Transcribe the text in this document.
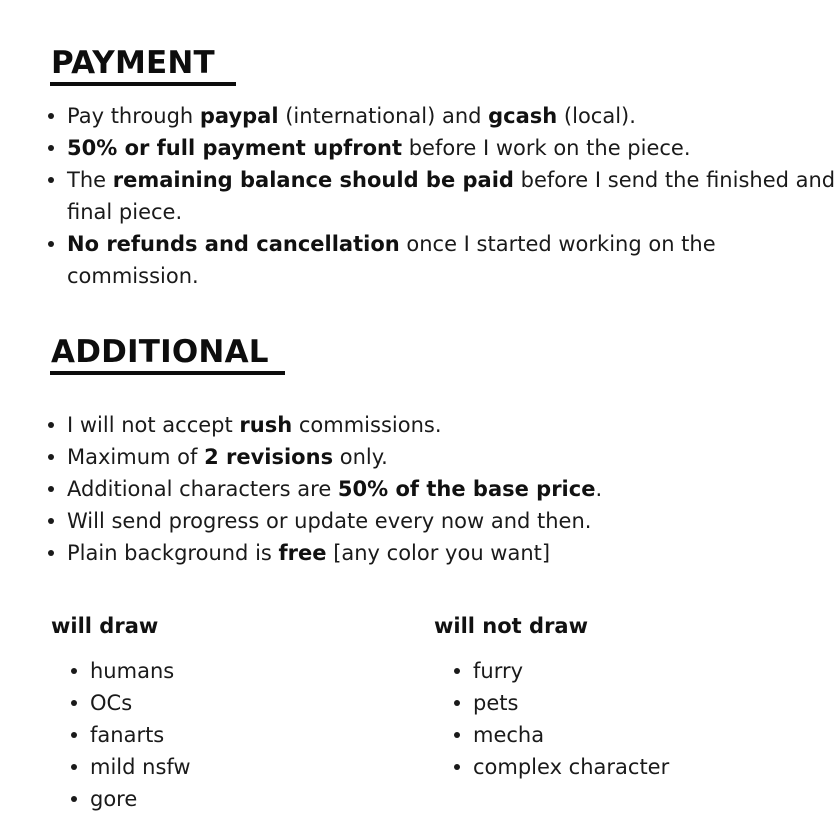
PAYMENT
Pay through paypal (international) and gcash (local).
50% or full payment upfront before I work on the piece.
The remaining balance should be paid before I send the finished and final piece.
No refunds and cancellation once I started working on the commission.
ADDITIONAL
I will not accept rush commissions.
Maximum of 2 revisions only.
Additional characters are 50% of the base price.
Will send progress or update every now and then.
Plain background is free [any color you want]
will draw
humans
OCs
fanarts
mild nsfw
gore
will not draw
furry
pets
mecha
complex character
